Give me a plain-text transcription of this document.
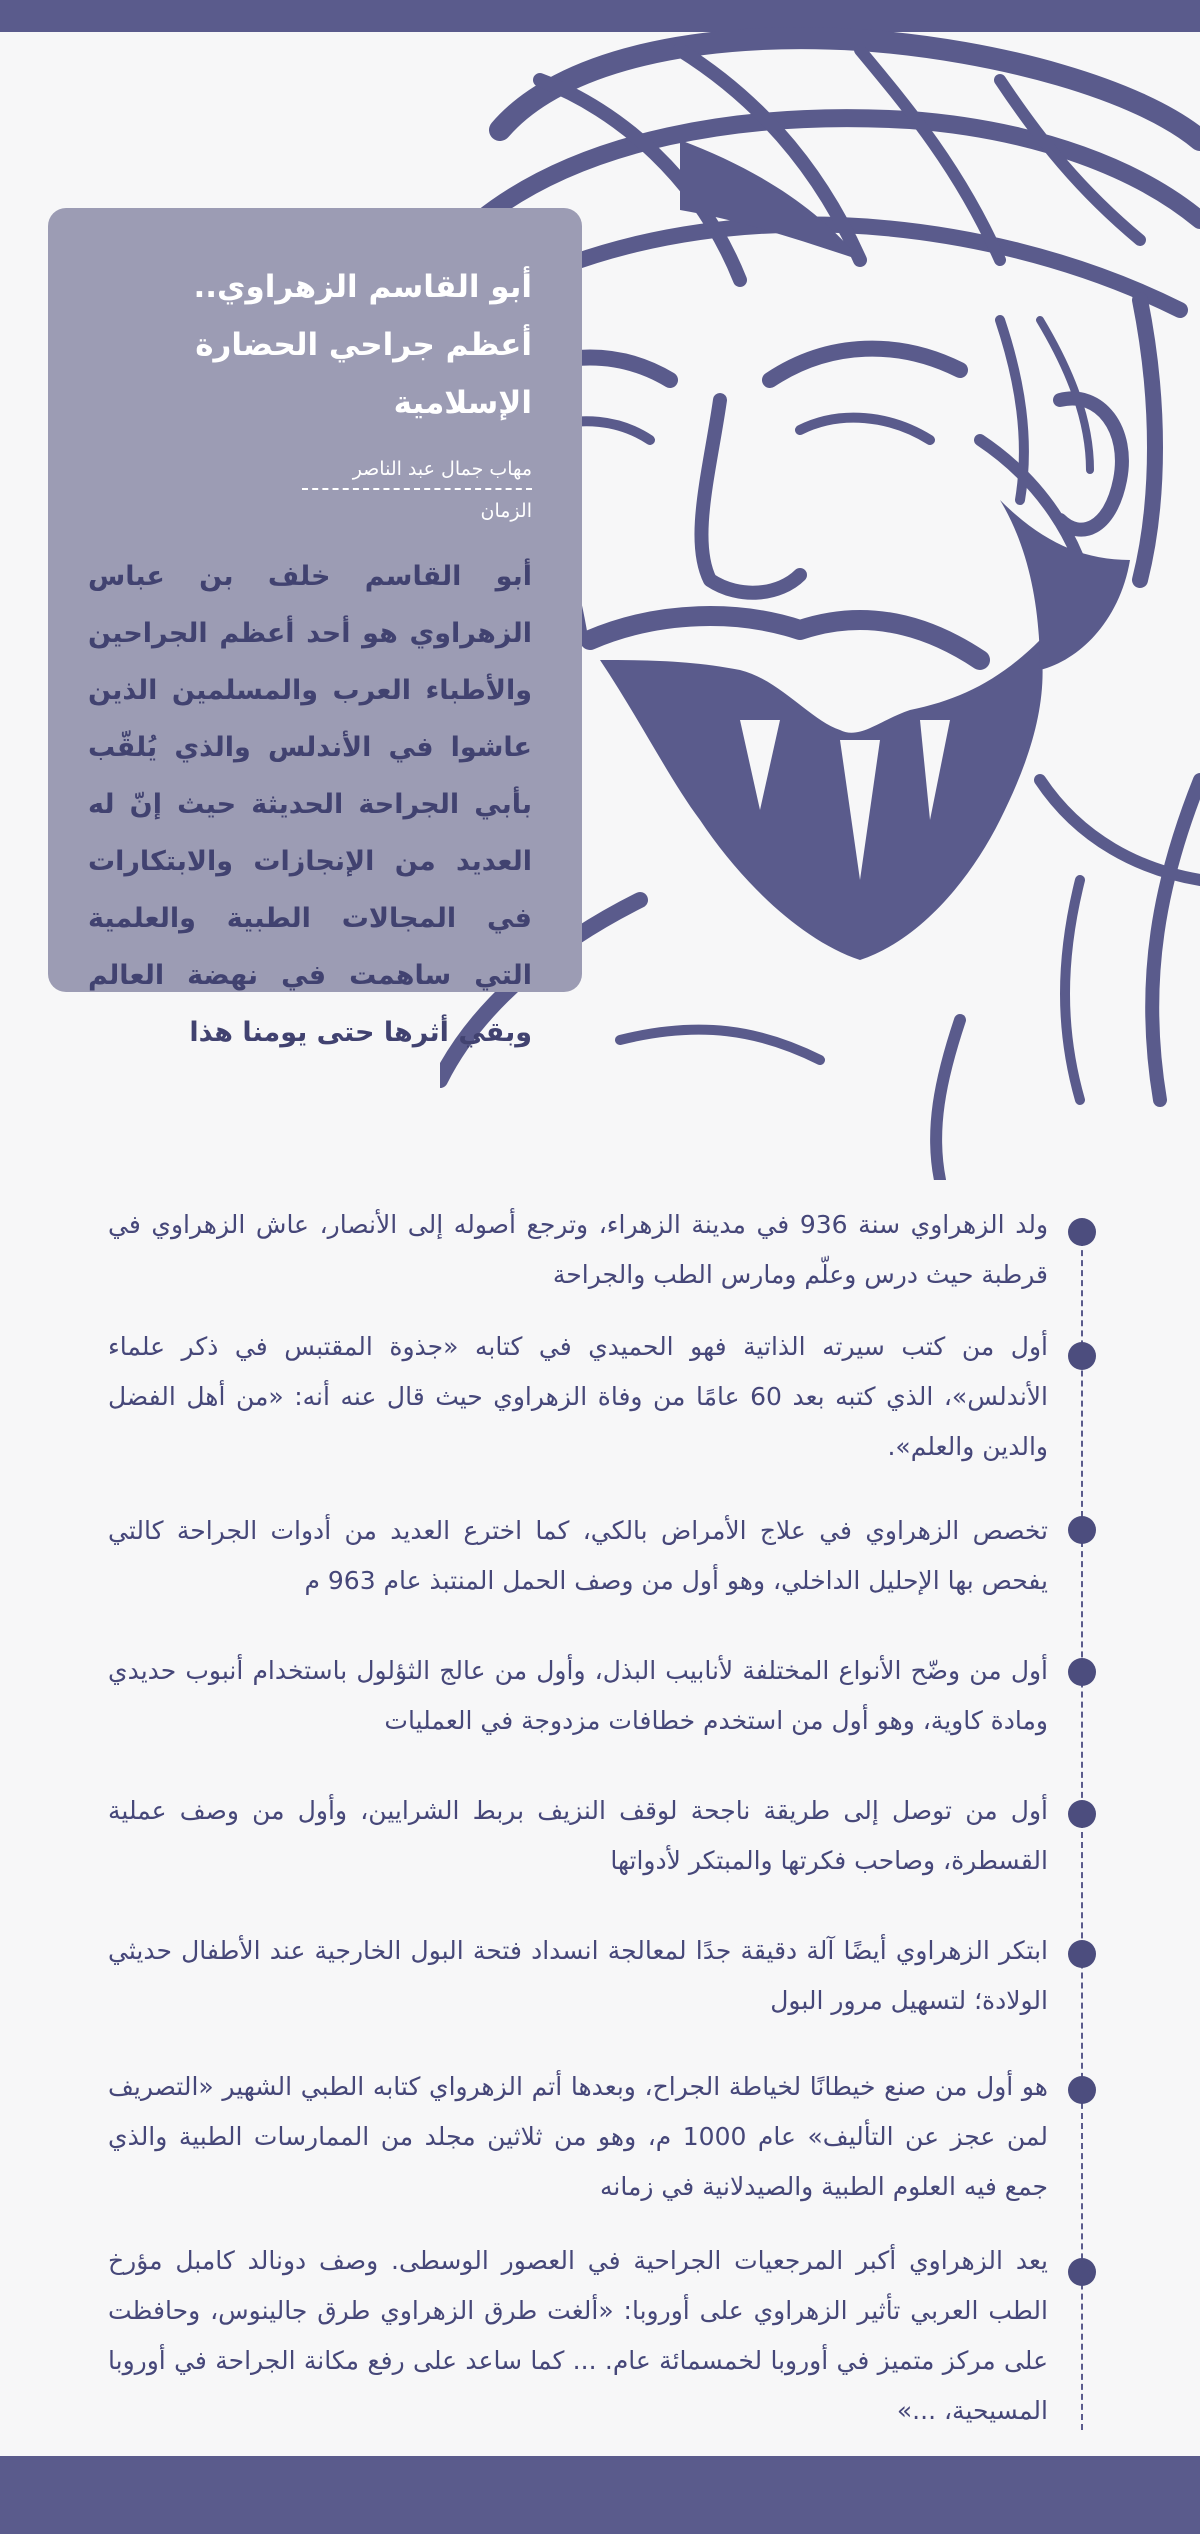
أبو القاسم الزهراوي..
أعظم جراحي الحضارة الإسلامية
مهاب جمال عبد الناصر
الزمان
أبو القاسم خلف بن عباس الزهراوي هو أحد أعظم الجراحين والأطباء العرب والمسلمين الذين عاشوا في الأندلس والذي يُلقّب بأبي الجراحة الحديثة حيث إنّ له العديد من الإنجازات والابتكارات في المجالات الطبية والعلمية التي ساهمت في نهضة العالم وبقي أثرها حتى يومنا هذا
ولد الزهراوي سنة 936 في مدينة الزهراء، وترجع أصوله إلى الأنصار، عاش الزهراوي في قرطبة حيث درس وعلّم ومارس الطب والجراحة
أول من كتب سيرته الذاتية فهو الحميدي في كتابه «جذوة المقتبس في ذكر علماء الأندلس»، الذي كتبه بعد 60 عامًا من وفاة الزهراوي حيث قال عنه أنه: «من أهل الفضل والدين والعلم».
تخصص الزهراوي في علاج الأمراض بالكي، كما اخترع العديد من أدوات الجراحة كالتي يفحص بها الإحليل الداخلي، وهو أول من وصف الحمل المنتبذ عام 963 م
أول من وضّح الأنواع المختلفة لأنابيب البذل، وأول من عالج الثؤلول باستخدام أنبوب حديدي ومادة كاوية، وهو أول من استخدم خطافات مزدوجة في العمليات
أول من توصل إلى طريقة ناجحة لوقف النزيف بربط الشرايين، وأول من وصف عملية القسطرة، وصاحب فكرتها والمبتكر لأدواتها
ابتكر الزهراوي أيضًا آلة دقيقة جدًا لمعالجة انسداد فتحة البول الخارجية عند الأطفال حديثي الولادة؛ لتسهيل مرور البول
هو أول من صنع خيطانًا لخياطة الجراح، وبعدها أتم الزهرواي كتابه الطبي الشهير «التصريف لمن عجز عن التأليف» عام 1000 م، وهو من ثلاثين مجلد من الممارسات الطبية والذي جمع فيه العلوم الطبية والصيدلانية في زمانه
يعد الزهراوي أكبر المرجعيات الجراحية في العصور الوسطى. وصف دونالد كامبل مؤرخ الطب العربي تأثير الزهراوي على أوروبا: «ألغت طرق الزهراوي طرق جالينوس، وحافظت على مركز متميز في أوروبا لخمسمائة عام. ... كما ساعد على رفع مكانة الجراحة في أوروبا المسيحية، ...»
